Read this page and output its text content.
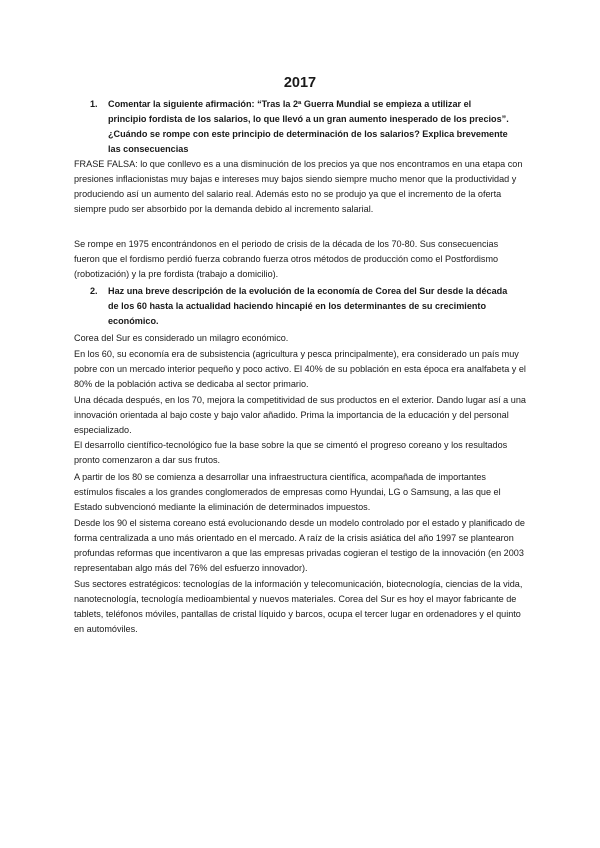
2017
1. Comentar la siguiente afirmación: “Tras la 2ª Guerra Mundial se empieza a utilizar el principio fordista de los salarios, lo que llevó a un gran aumento inesperado de los precios”. ¿Cuándo se rompe con este principio de determinación de los salarios? Explica brevemente las consecuencias

FRASE FALSA: lo que conllevo es a una disminución de los precios ya que nos encontramos en una etapa con presiones inflacionistas muy bajas e intereses muy bajos siendo siempre mucho menor que la productividad y produciendo así un aumento del salario real. Además esto no se produjo ya que el incremento de la oferta siempre pudo ser absorbido por la demanda debido al incremento salarial.

Se rompe en 1975 encontrándonos en el periodo de crisis de la década de los 70-80. Sus consecuencias fueron que el fordismo perdió fuerza cobrando fuerza otros métodos de producción como el Postfordismo (robotización) y la pre fordista (trabajo a domicilio).

2. Haz una breve descripción de la evolución de la economía de Corea del Sur desde la década de los 60 hasta la actualidad haciendo hincapié en los determinantes de su crecimiento económico.

Corea del Sur es considerado un milagro económico.

En los 60, su economía era de subsistencia (agricultura y pesca principalmente), era considerado un país muy pobre con un mercado interior pequeño y poco activo. El 40% de su población en esta época era analfabeta y el 80% de la población activa se dedicaba al sector primario.

Una década después, en los 70, mejora la competitividad de sus productos en el exterior. Dando lugar así a una innovación orientada al bajo coste y bajo valor añadido. Prima la importancia de la educación y del personal especializado.

El desarrollo científico-tecnológico fue la base sobre la que se cimentó el progreso coreano y los resultados pronto comenzaron a dar sus frutos.

A partir de los 80 se comienza a desarrollar una infraestructura científica, acompañada de importantes estímulos fiscales a los grandes conglomerados de empresas como Hyundai, LG o Samsung, a las que el Estado subvencionó mediante la eliminación de determinados impuestos.

Desde los 90 el sistema coreano está evolucionando desde un modelo controlado por el estado y planificado de forma centralizada a uno más orientado en el mercado. A raíz de la crisis asiática del año 1997 se plantearon profundas reformas que incentivaron a que las empresas privadas cogieran el testigo de la innovación (en 2003 representaban algo más del 76% del esfuerzo innovador).

Sus sectores estratégicos: tecnologías de la información y telecomunicación, biotecnología, ciencias de la vida, nanotecnología, tecnología medioambiental y nuevos materiales. Corea del Sur es hoy el mayor fabricante de tablets, teléfonos móviles, pantallas de cristal líquido y barcos, ocupa el tercer lugar en ordenadores y el quinto en automóviles.
